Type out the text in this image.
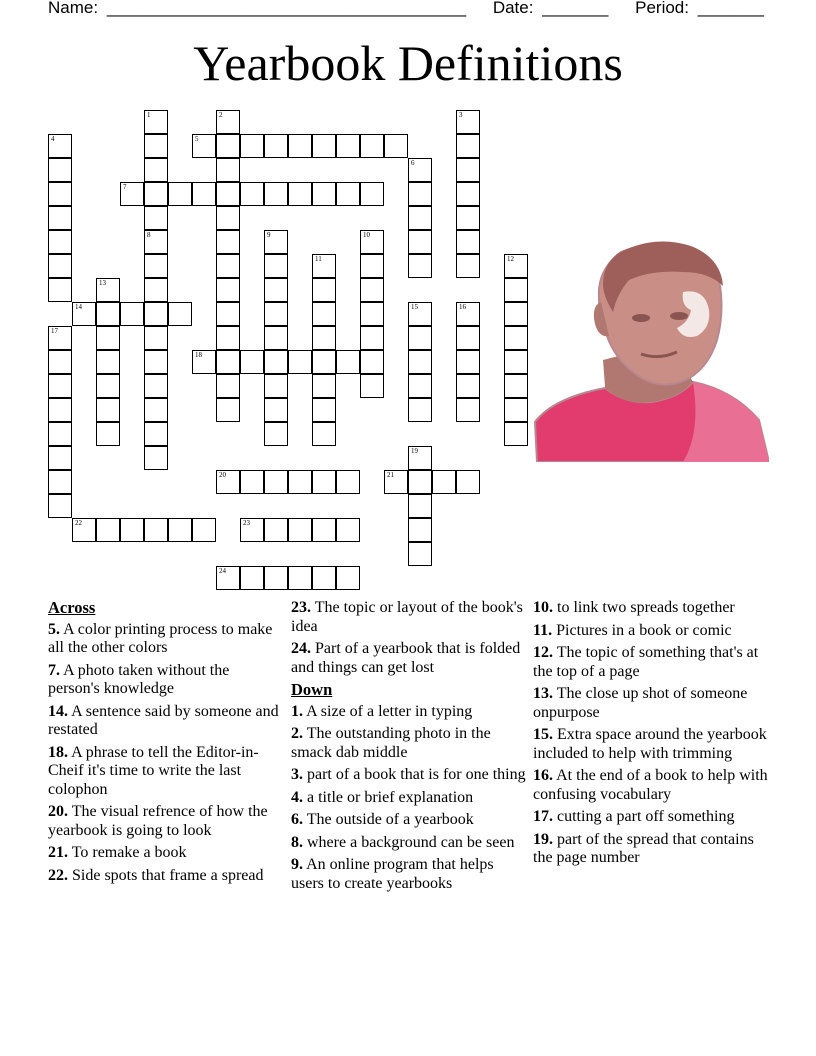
Name: ______________________________________ Date: _______ Period: _______
Yearbook Definitions
1
8
2	3
4	5
6
7
9	10
11	12
13
14	15	16
17
18
19
20	21
22	23
24
Across
5. A color printing process to make all the other colors
7. A photo taken without the person's knowledge
14. A sentence said by someone and restated
18. A phrase to tell the Editor-in-Cheif it's time to write the last colophon
20. The visual refrence of how the yearbook is going to look
21. To remake a book
22. Side spots that frame a spread
23. The topic or layout of the book's idea
24. Part of a yearbook that is folded and things can get lost
Down
1. A size of a letter in typing
2. The outstanding photo in the smack dab middle
3. part of a book that is for one thing
4. a title or brief explanation
6. The outside of a yearbook
8. where a background can be seen
9. An online program that helps users to create yearbooks
10. to link two spreads together
11. Pictures in a book or comic
12. The topic of something that's at the top of a page
13. The close up shot of someone onpurpose
15. Extra space around the yearbook included to help with trimming
16. At the end of a book to help with confusing vocabulary
17. cutting a part off something
19. part of the spread that contains the page number
